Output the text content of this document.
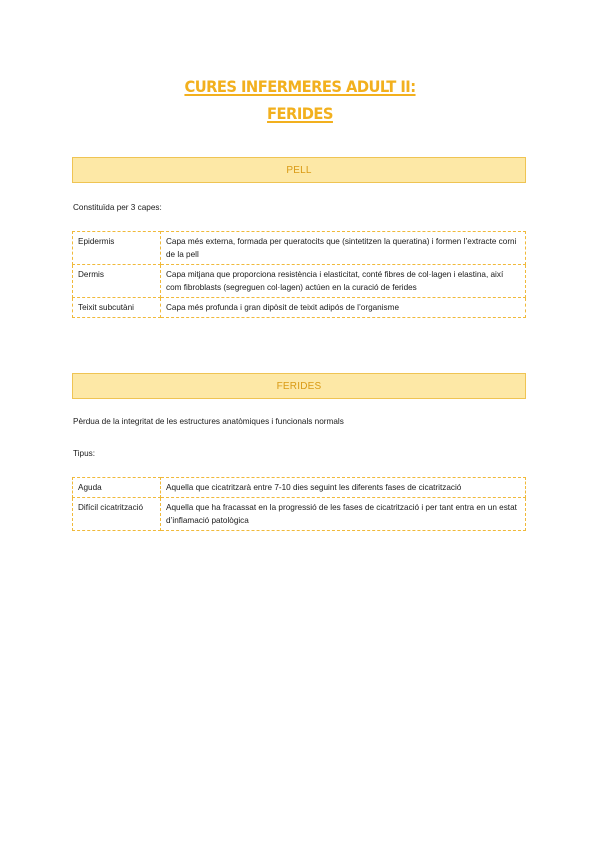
CURES INFERMERES ADULT II:
FERIDES
PELL
Constituïda per 3 capes:
Epidermis	Capa més externa, formada per queratocits que (sintetitzen la queratina) i formen l’extracte corni de la pell
Dermis	Capa mitjana que proporciona resistència i elasticitat, conté fibres de col·lagen i elastina, així com fibroblasts (segreguen col·lagen) actúen en la curació de ferides
Teixit subcutàni	Capa més profunda i gran dipòsit de teixit adipós de l’organisme
FERIDES
Pèrdua de la integritat de les estructures anatòmiques i funcionals normals
Tipus:
Aguda	Aquella que cicatritzarà entre 7-10 dies seguint les diferents fases de cicatrització
Difícil cicatrització	Aquella que ha fracassat en la progressió de les fases de cicatrització i per tant entra en un estat d’inflamació patològica
